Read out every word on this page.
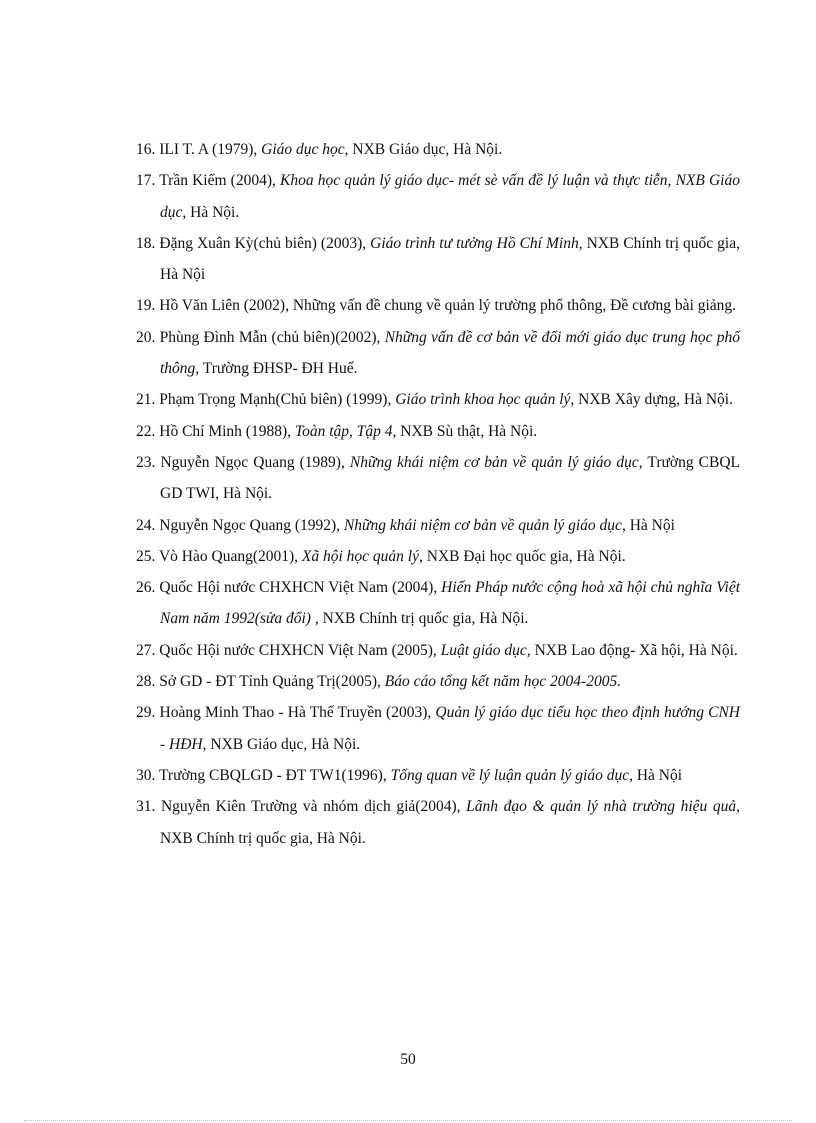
16. ILI T. A (1979), Giáo dục học, NXB Giáo dục, Hà Nội.
17. Trần Kiểm (2004), Khoa học quản lý giáo dục- mét sè vấn đề lý luận và thực tiễn, NXB Giáo dục, Hà Nội.
18. Đặng Xuân Kỳ(chủ biên) (2003), Giáo trình tư tưởng Hồ Chí Minh, NXB Chính trị quốc gia, Hà Nội
19. Hồ Văn Liên (2002), Những vấn đề chung về quản lý trường phổ thông, Đề cương bài giảng.
20. Phùng Đình Mẫn (chủ biên)(2002), Những vấn đề cơ bản về đổi mới giáo dục trung học phổ thông, Trường ĐHSP- ĐH Huế.
21. Phạm Trọng Mạnh(Chủ biên) (1999), Giáo trình khoa học quản lý, NXB Xây dựng, Hà Nội.
22. Hồ Chí Minh (1988), Toàn tập, Tập 4, NXB Sù thật, Hà Nội.
23. Nguyễn Ngọc Quang (1989), Những khái niệm cơ bản về quản lý giáo dục, Trường CBQL GD TWI, Hà Nội.
24. Nguyễn Ngọc Quang (1992), Những khái niệm cơ bản về quản lý giáo dục, Hà Nội
25. Vò Hào Quang(2001), Xã hội học quản lý, NXB Đại học quốc gia, Hà Nội.
26. Quốc Hội nước CHXHCN Việt Nam (2004), Hiến Pháp nước cộng hoà xã hội chủ nghĩa Việt Nam năm 1992(sửa đổi) , NXB Chính trị quốc gia, Hà Nội.
27. Quốc Hội nước CHXHCN Việt Nam (2005), Luật giáo dục, NXB Lao động- Xã hội, Hà Nội.
28. Sở GD - ĐT Tỉnh Quảng Trị(2005), Báo cáo tổng kết năm học 2004-2005.
29. Hoàng Minh Thao - Hà Thế Truyền (2003), Quản lý giáo dục tiểu học theo định hướng CNH - HĐH, NXB Giáo dục, Hà Nội.
30. Trường CBQLGD - ĐT TW1(1996), Tổng quan về lý luận quản lý giáo dục, Hà Nội
31. Nguyễn Kiên Trường và nhóm dịch giả(2004), Lãnh đạo & quản lý nhà trường hiệu quả, NXB Chính trị quốc gia, Hà Nội.
50
